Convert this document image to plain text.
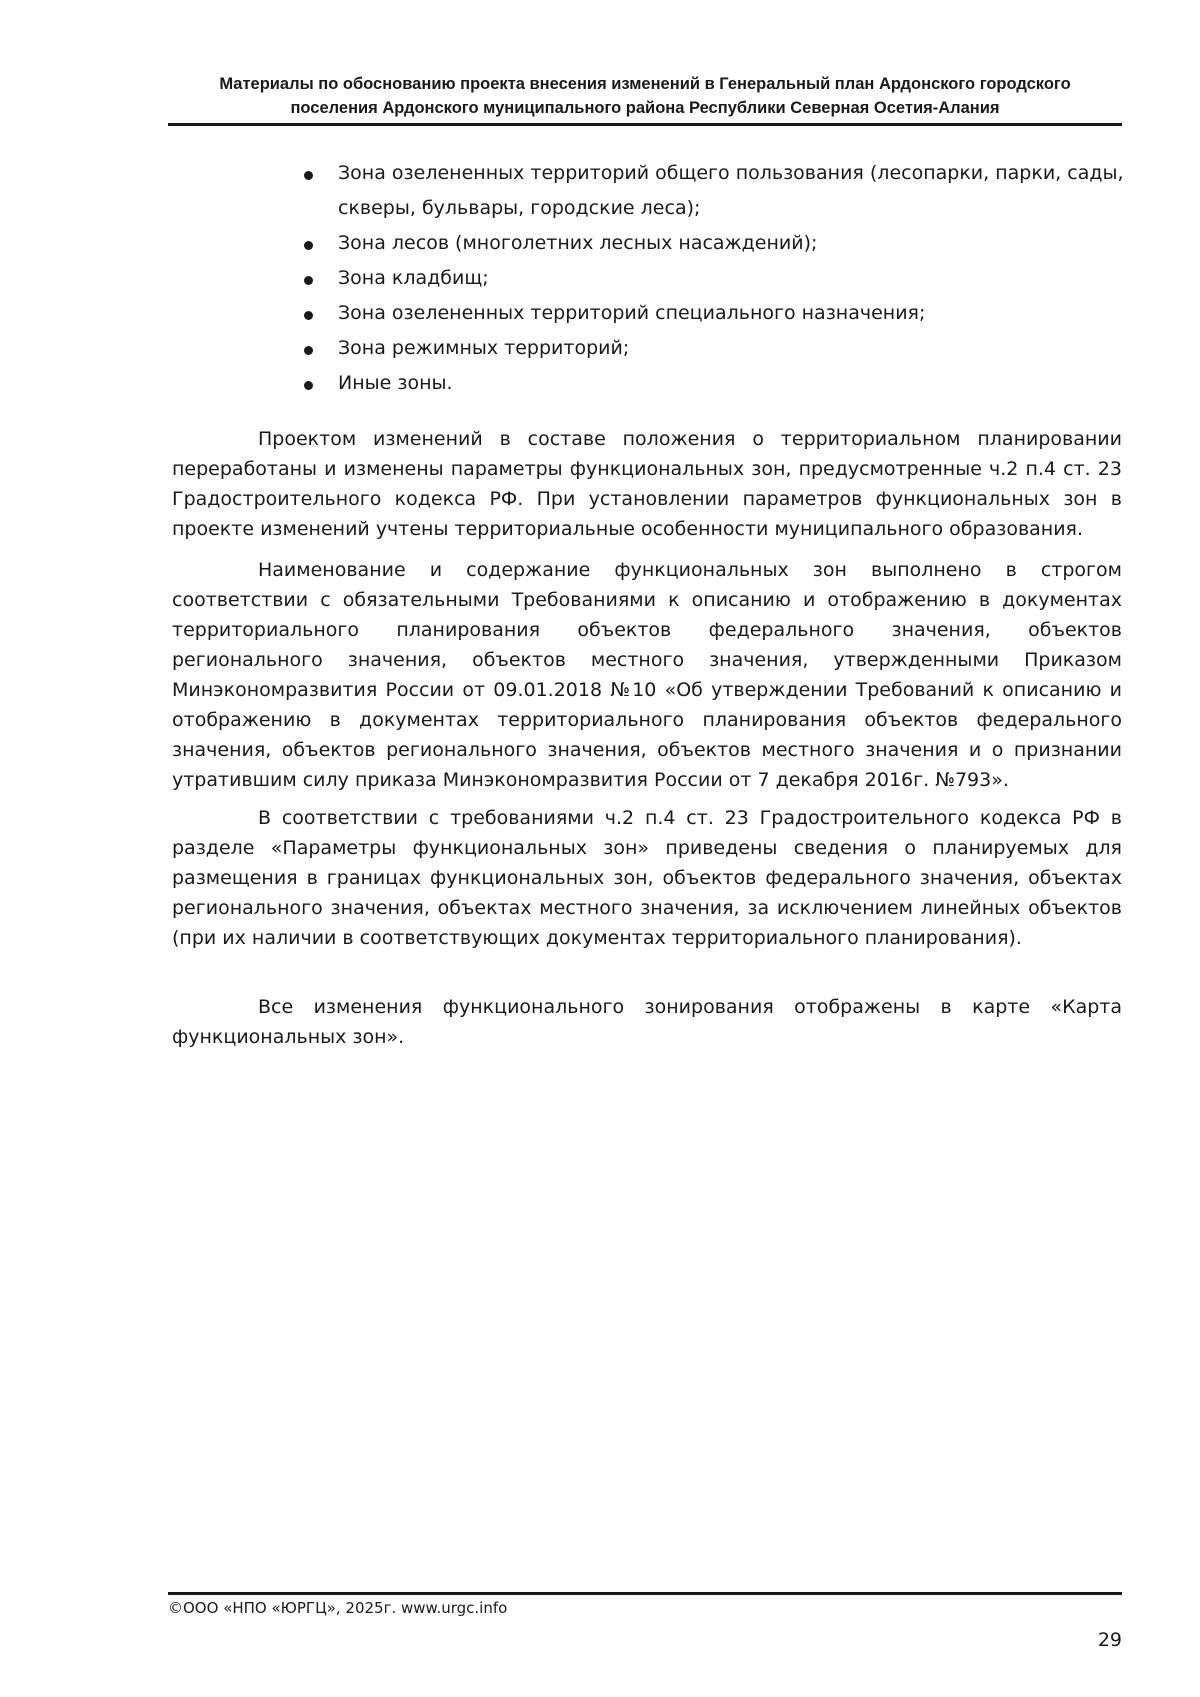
Материалы по обоснованию проекта внесения изменений в Генеральный план Ардонского городского
поселения Ардонского муниципального района Республики Северная Осетия-Алания
Зона озелененных территорий общего пользования (лесопарки, парки, сады, скверы, бульвары, городские леса);
Зона лесов (многолетних лесных насаждений);
Зона кладбищ;
Зона озелененных территорий специального назначения;
Зона режимных территорий;
Иные зоны.

Проектом изменений в составе положения о территориальном планировании переработаны и изменены параметры функциональных зон, предусмотренные ч.2 п.4 ст. 23 Градостроительного кодекса РФ. При установлении параметров функциональных зон в проекте изменений учтены территориальные особенности муниципального образования.

Наименование и содержание функциональных зон выполнено в строгом соответствии с обязательными Требованиями к описанию и отображению в документах территориального планирования объектов федерального значения, объектов регионального значения, объектов местного значения, утвержденными Приказом Минэкономразвития России от 09.01.2018 №10 «Об утверждении Требований к описанию и отображению в документах территориального планирования объектов федерального значения, объектов регионального значения, объектов местного значения и о признании утратившим силу приказа Минэкономразвития России от 7 декабря 2016г. №793».

В соответствии с требованиями ч.2 п.4 ст. 23 Градостроительного кодекса РФ в разделе «Параметры функциональных зон» приведены сведения о планируемых для размещения в границах функциональных зон, объектов федерального значения, объектах регионального значения, объектах местного значения, за исключением линейных объектов (при их наличии в соответствующих документах территориального планирования).

Все изменения функционального зонирования отображены в карте «Карта функциональных зон».

©ООО «НПО «ЮРГЦ», 2025г. www.urgc.info
29
